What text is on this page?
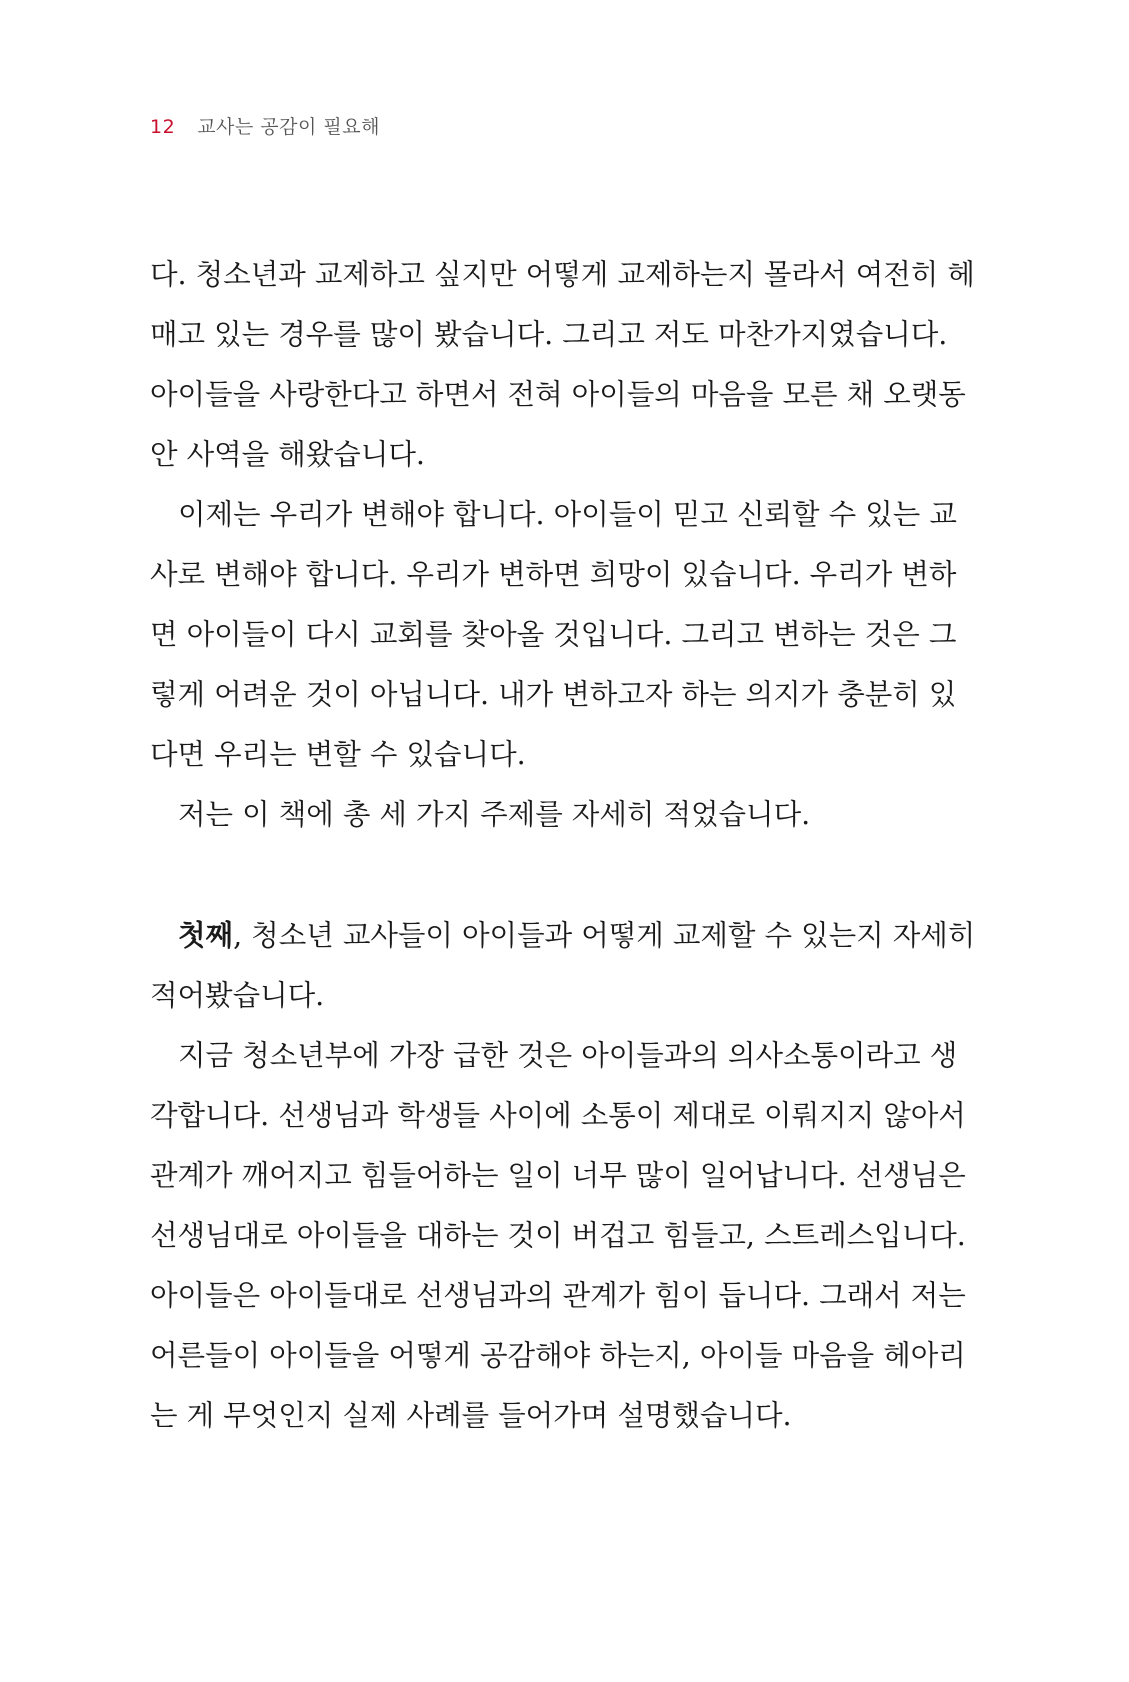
12 교사는 공감이 필요해
다. 청소년과 교제하고 싶지만 어떻게 교제하는지 몰라서 여전히 헤
매고 있는 경우를 많이 봤습니다. 그리고 저도 마찬가지였습니다.
아이들을 사랑한다고 하면서 전혀 아이들의 마음을 모른 채 오랫동
안 사역을 해왔습니다.
이제는 우리가 변해야 합니다. 아이들이 믿고 신뢰할 수 있는 교
사로 변해야 합니다. 우리가 변하면 희망이 있습니다. 우리가 변하
면 아이들이 다시 교회를 찾아올 것입니다. 그리고 변하는 것은 그
렇게 어려운 것이 아닙니다. 내가 변하고자 하는 의지가 충분히 있
다면 우리는 변할 수 있습니다.
저는 이 책에 총 세 가지 주제를 자세히 적었습니다.
첫째, 청소년 교사들이 아이들과 어떻게 교제할 수 있는지 자세히
적어봤습니다.
지금 청소년부에 가장 급한 것은 아이들과의 의사소통이라고 생
각합니다. 선생님과 학생들 사이에 소통이 제대로 이뤄지지 않아서
관계가 깨어지고 힘들어하는 일이 너무 많이 일어납니다. 선생님은
선생님대로 아이들을 대하는 것이 버겁고 힘들고, 스트레스입니다.
아이들은 아이들대로 선생님과의 관계가 힘이 듭니다. 그래서 저는
어른들이 아이들을 어떻게 공감해야 하는지, 아이들 마음을 헤아리
는 게 무엇인지 실제 사례를 들어가며 설명했습니다.
